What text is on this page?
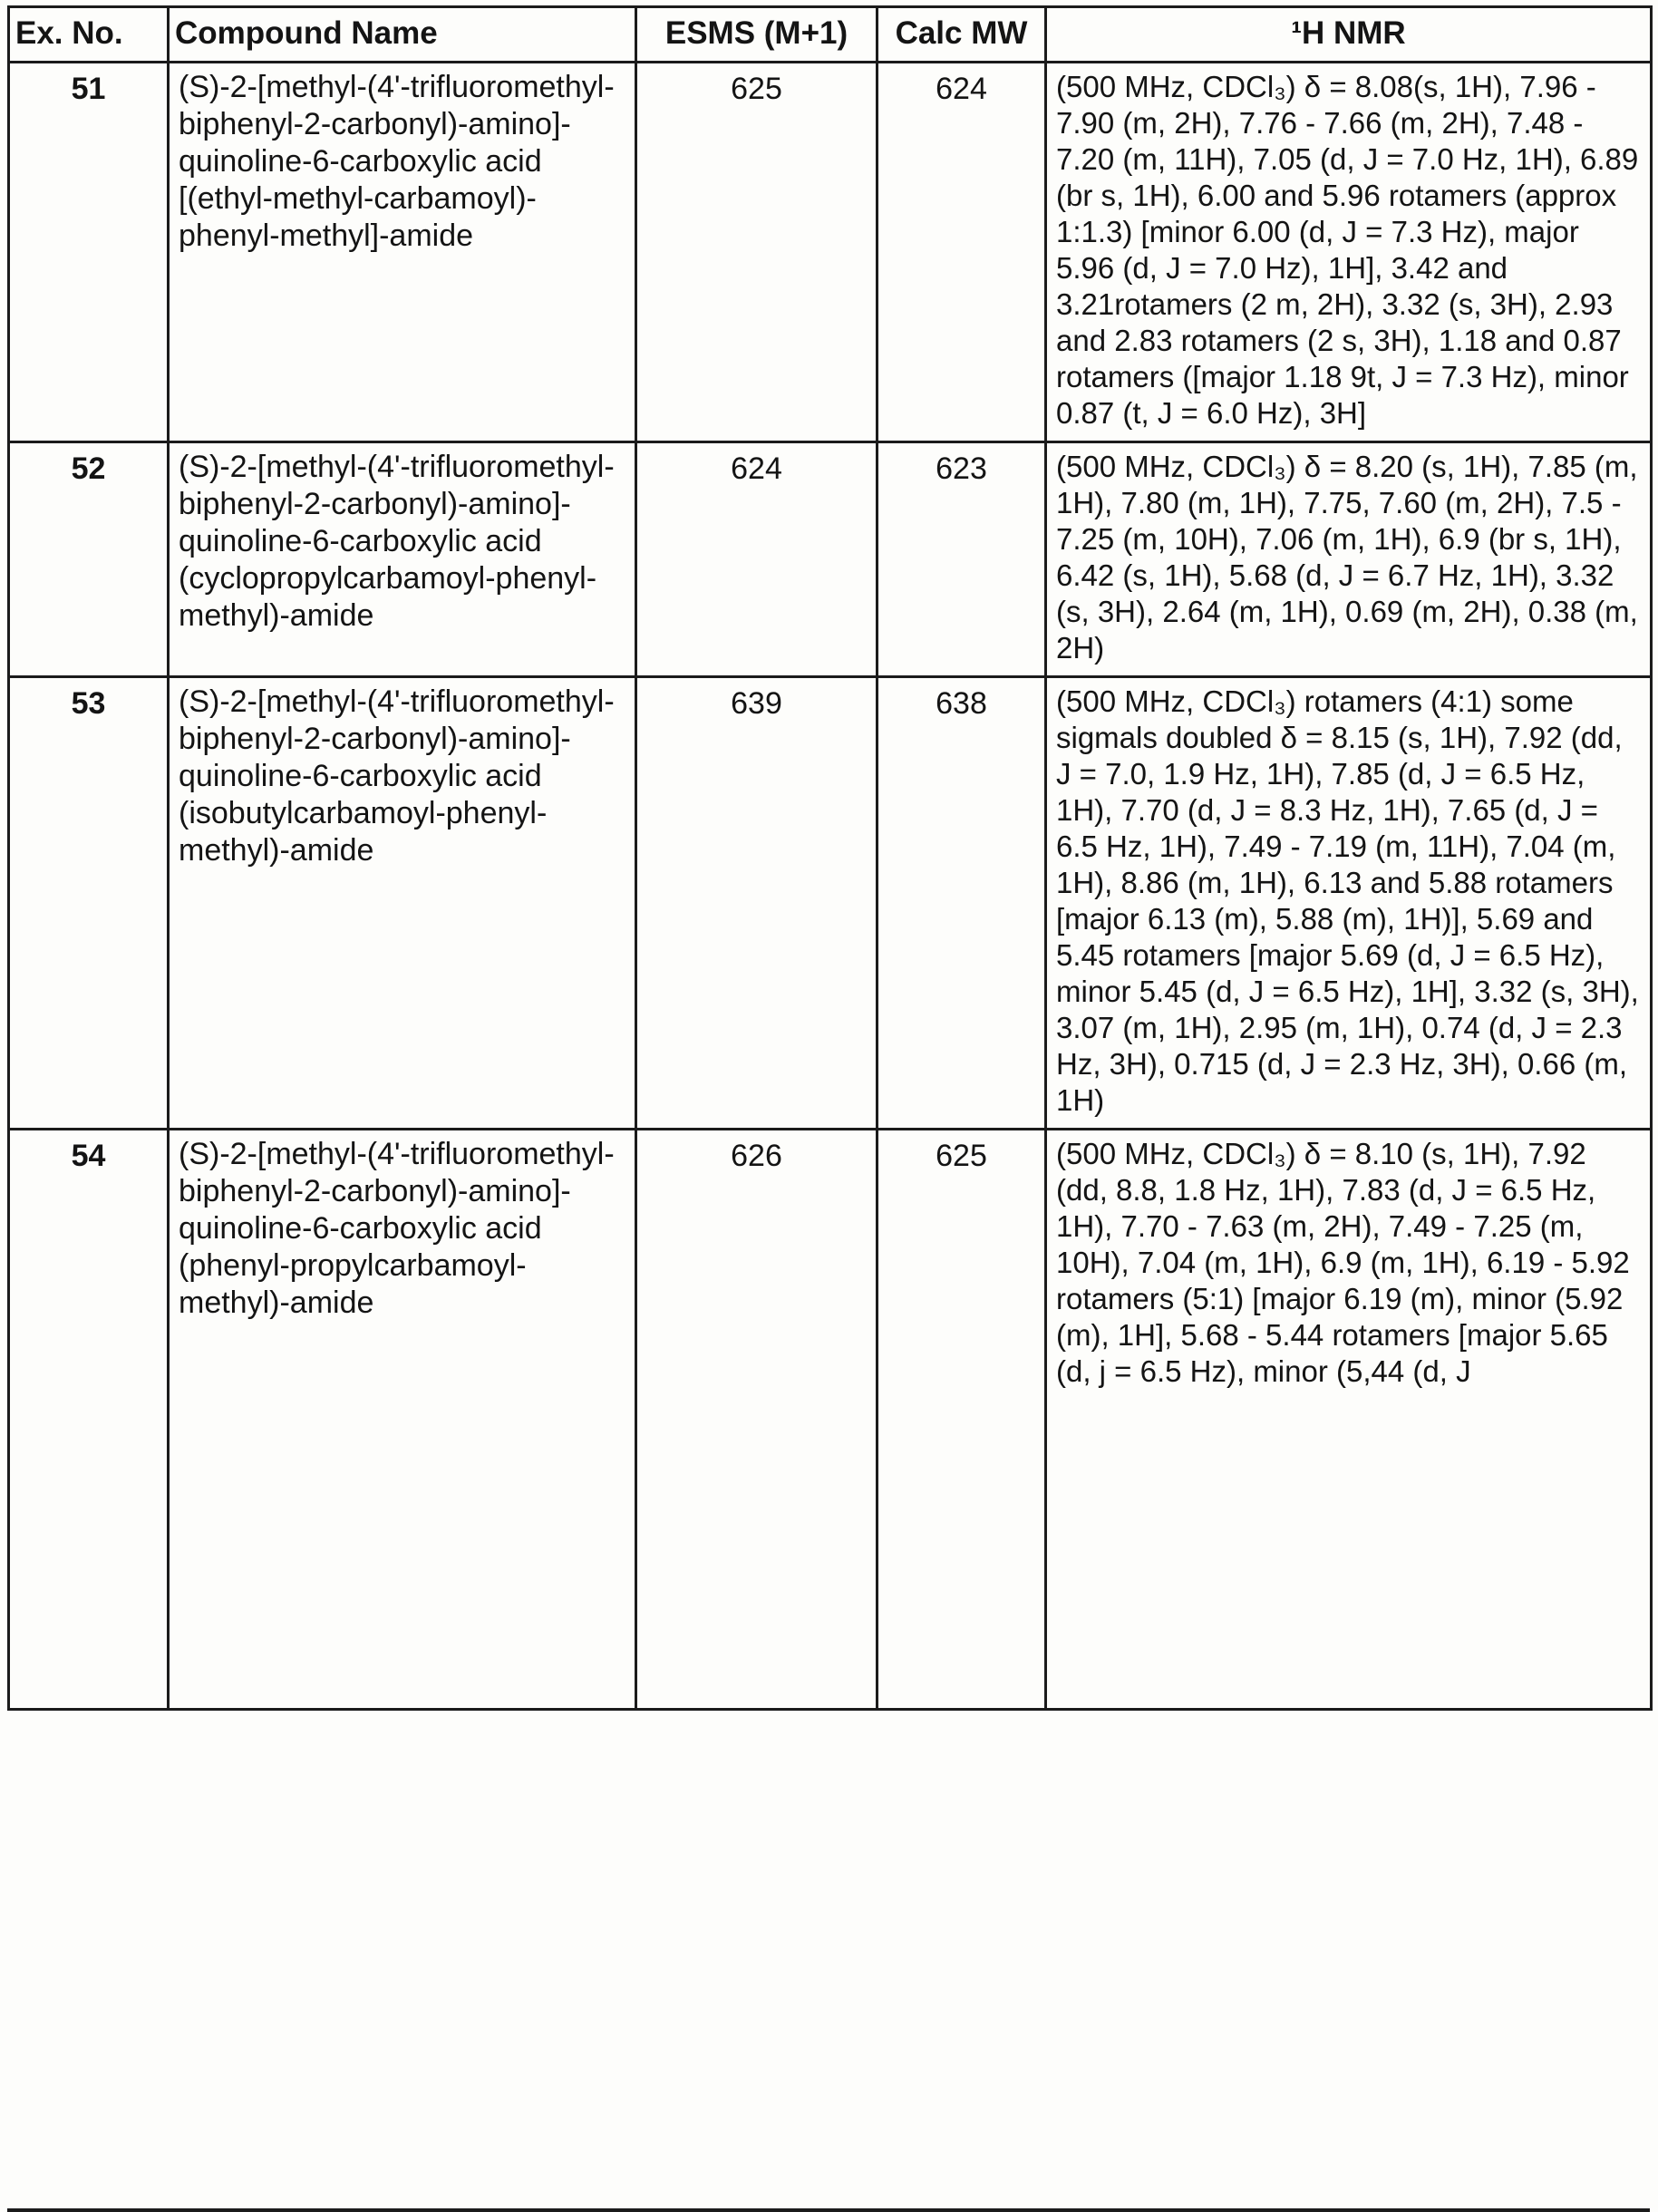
Ex. No.	Compound Name	ESMS (M+1)	Calc MW	¹H NMR
51	(S)-2-[methyl-(4'-trifluoromethyl-biphenyl-2-carbonyl)-amino]-quinoline-6-carboxylic acid [(ethyl-methyl-carbamoyl)-phenyl-methyl]-amide	625	624	(500 MHz, CDCl₃) δ = 8.08(s, 1H), 7.96 - 7.90 (m, 2H), 7.76 - 7.66 (m, 2H), 7.48 - 7.20 (m, 11H), 7.05 (d, J = 7.0 Hz, 1H), 6.89 (br s, 1H), 6.00 and 5.96 rotamers (approx 1:1.3) [minor 6.00 (d, J = 7.3 Hz), major 5.96 (d, J = 7.0 Hz), 1H], 3.42 and 3.21rotamers (2 m, 2H), 3.32 (s, 3H), 2.93 and 2.83 rotamers (2 s, 3H), 1.18 and 0.87 rotamers ([major 1.18 9t, J = 7.3 Hz), minor 0.87 (t, J = 6.0 Hz), 3H]
52	(S)-2-[methyl-(4'-trifluoromethyl-biphenyl-2-carbonyl)-amino]-quinoline-6-carboxylic acid (cyclopropylcarbamoyl-phenyl-methyl)-amide	624	623	(500 MHz, CDCl₃) δ = 8.20 (s, 1H), 7.85 (m, 1H), 7.80 (m, 1H), 7.75, 7.60 (m, 2H), 7.5 - 7.25 (m, 10H), 7.06 (m, 1H), 6.9 (br s, 1H), 6.42 (s, 1H), 5.68 (d, J = 6.7 Hz, 1H), 3.32 (s, 3H), 2.64 (m, 1H), 0.69 (m, 2H), 0.38 (m, 2H)
53	(S)-2-[methyl-(4'-trifluoromethyl-biphenyl-2-carbonyl)-amino]-quinoline-6-carboxylic acid (isobutylcarbamoyl-phenyl-methyl)-amide	639	638	(500 MHz, CDCl₃) rotamers (4:1) some sigmals doubled δ = 8.15 (s, 1H), 7.92 (dd, J = 7.0, 1.9 Hz, 1H), 7.85 (d, J = 6.5 Hz, 1H), 7.70 (d, J = 8.3 Hz, 1H), 7.65 (d, J = 6.5 Hz, 1H), 7.49 - 7.19 (m, 11H), 7.04 (m, 1H), 8.86 (m, 1H), 6.13 and 5.88 rotamers [major 6.13 (m), 5.88 (m), 1H)], 5.69 and 5.45 rotamers [major 5.69 (d, J = 6.5 Hz), minor 5.45 (d, J = 6.5 Hz), 1H], 3.32 (s, 3H), 3.07 (m, 1H), 2.95 (m, 1H), 0.74 (d, J = 2.3 Hz, 3H), 0.715 (d, J = 2.3 Hz, 3H), 0.66 (m, 1H)
54	(S)-2-[methyl-(4'-trifluoromethyl-biphenyl-2-carbonyl)-amino]-quinoline-6-carboxylic acid (phenyl-propylcarbamoyl-methyl)-amide	626	625	(500 MHz, CDCl₃) δ = 8.10 (s, 1H), 7.92 (dd, 8.8, 1.8 Hz, 1H), 7.83 (d, J = 6.5 Hz, 1H), 7.70 - 7.63 (m, 2H), 7.49 - 7.25 (m, 10H), 7.04 (m, 1H), 6.9 (m, 1H), 6.19 - 5.92 rotamers (5:1) [major 6.19 (m), minor (5.92 (m), 1H], 5.68 - 5.44 rotamers [major 5.65 (d, j = 6.5 Hz), minor (5,44 (d, J
